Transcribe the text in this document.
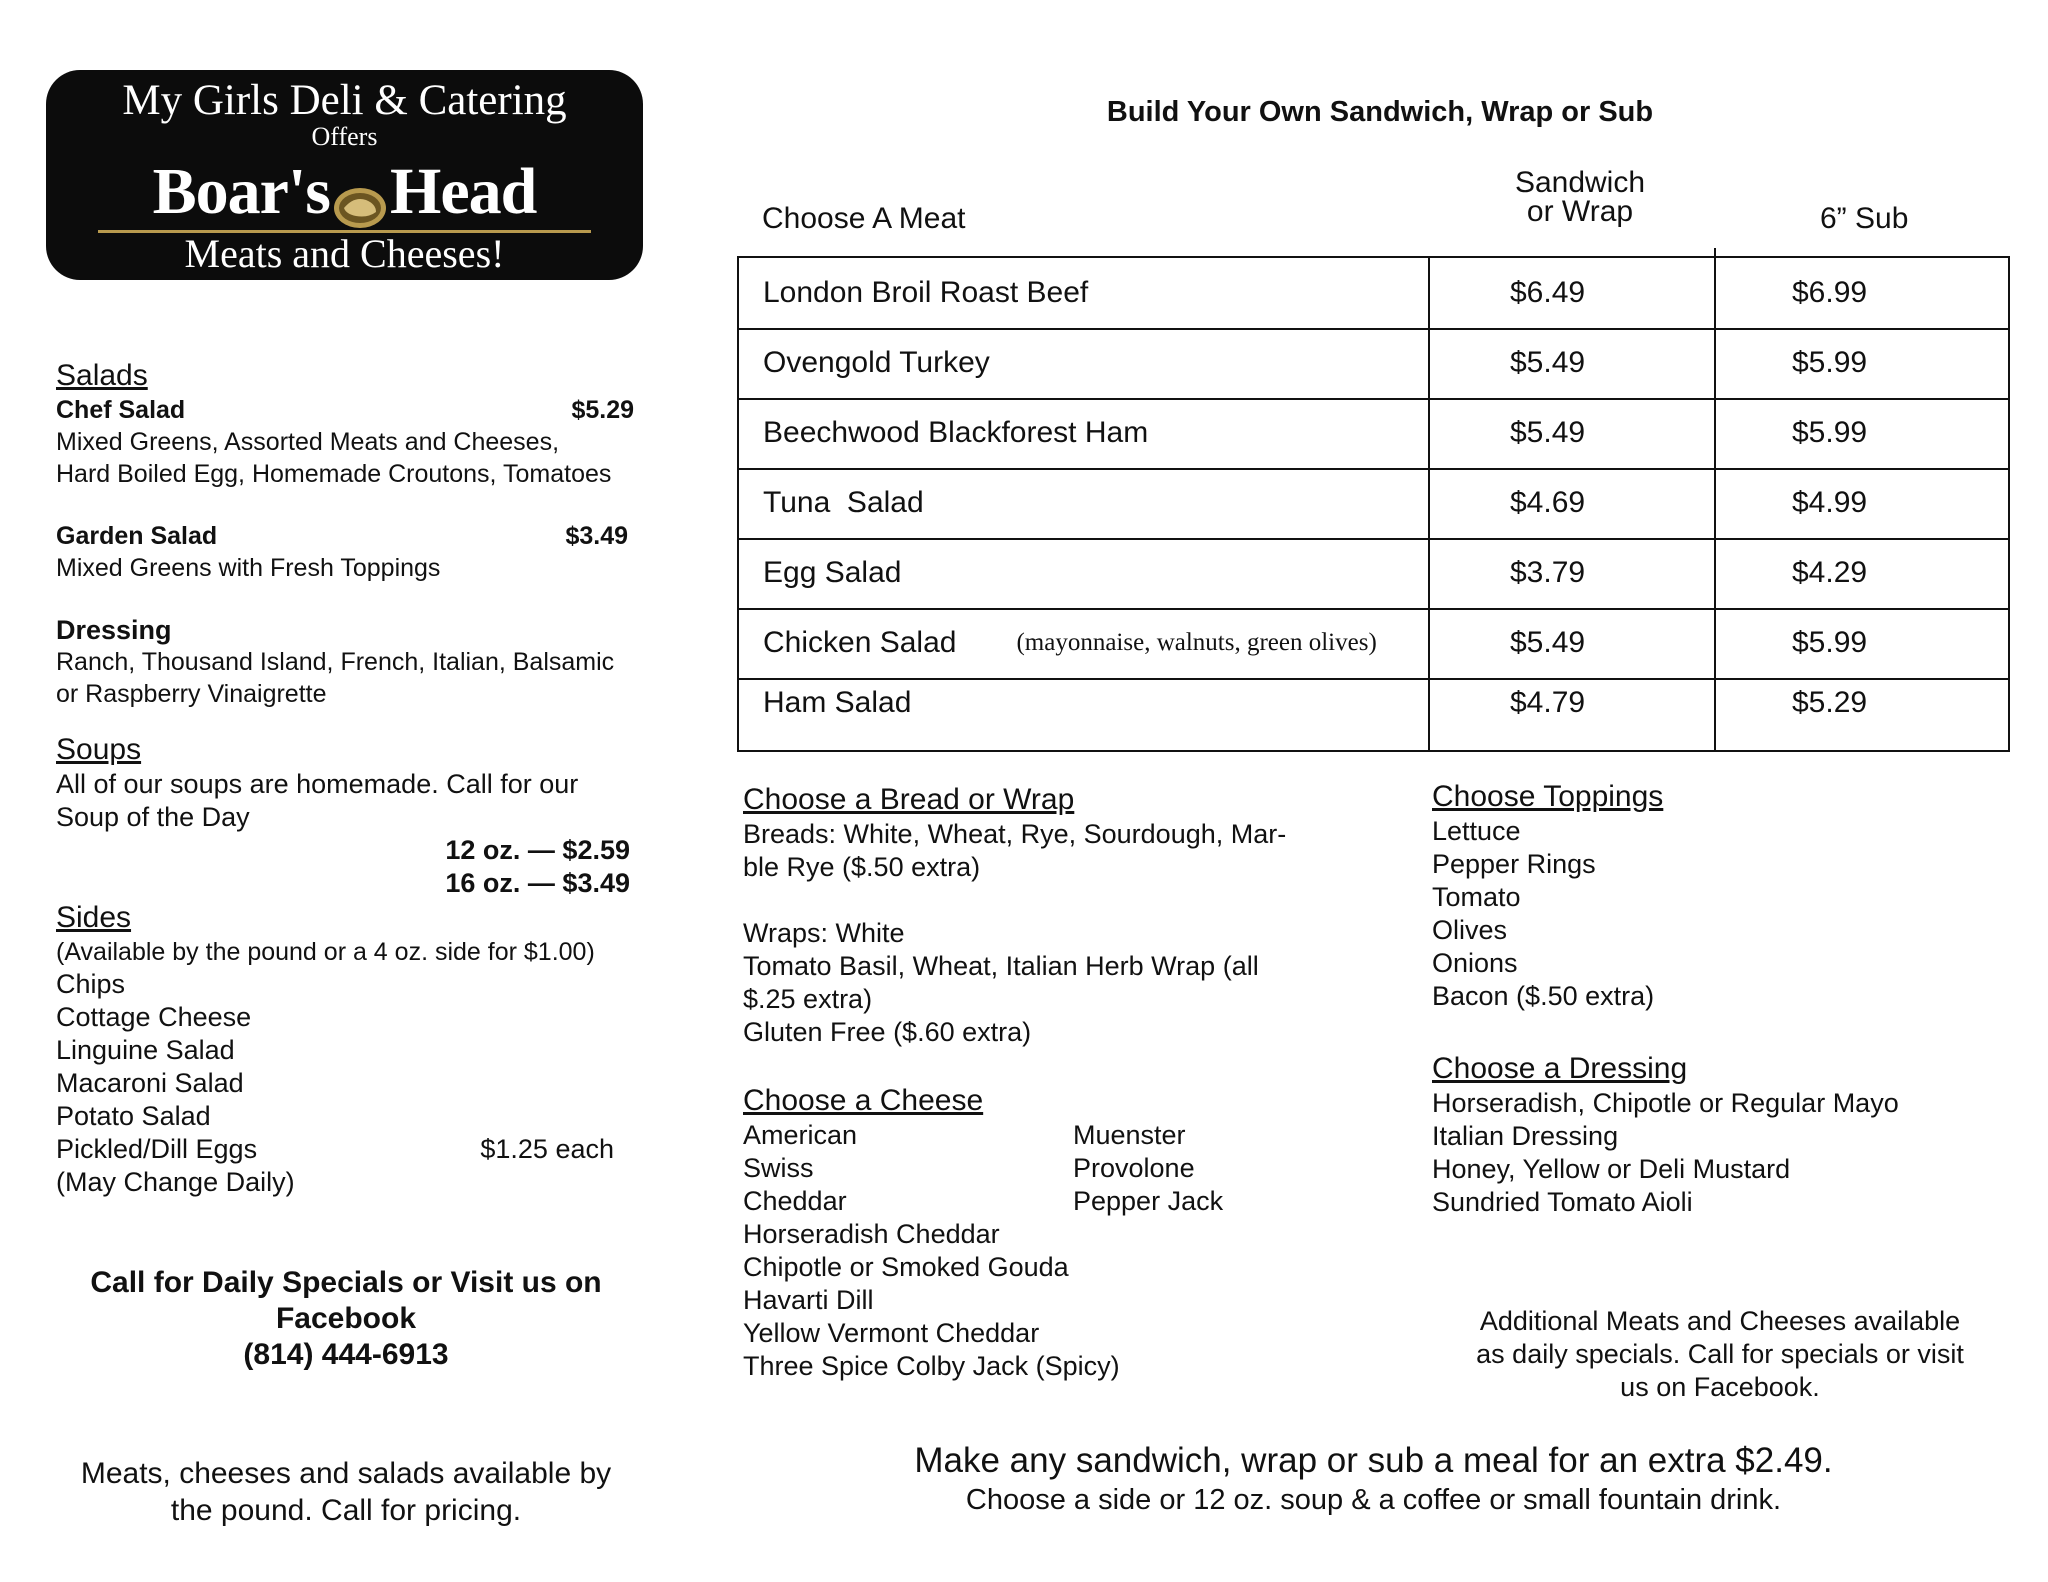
My Girls Deli & Catering
Offers
Boar's Head
Meats and Cheeses!
Salads
Chef Salad	$5.29
Mixed Greens, Assorted Meats and Cheeses,
Hard Boiled Egg, Homemade Croutons, Tomatoes
Garden Salad	$3.49
Mixed Greens with Fresh Toppings
Dressing
Ranch, Thousand Island, French, Italian, Balsamic
or Raspberry Vinaigrette
Soups
All of our soups are homemade. Call for our
Soup of the Day
12 oz. — $2.59
16 oz. — $3.49
Sides
(Available by the pound or a 4 oz. side for $1.00)
Chips
Cottage Cheese
Linguine Salad
Macaroni Salad
Potato Salad
Pickled/Dill Eggs	$1.25 each
(May Change Daily)
Call for Daily Specials or Visit us on
Facebook
(814) 444-6913
Meats, cheeses and salads available by
the pound. Call for pricing.
Build Your Own Sandwich, Wrap or Sub
Choose A Meat
Sandwich
or Wrap	6” Sub
London Broil Roast Beef	$6.49	$6.99
Ovengold Turkey	$5.49	$5.99
Beechwood Blackforest Ham	$5.49	$5.99
Tuna  Salad	$4.69	$4.99
Egg Salad	$3.79	$4.29
Chicken Salad (mayonnaise, walnuts, green olives)	$5.49	$5.99
Ham Salad	$4.79	$5.29
Choose a Bread or Wrap
Breads: White, Wheat, Rye, Sourdough, Mar-
ble Rye ($.50 extra)
Wraps: White
Tomato Basil, Wheat, Italian Herb Wrap (all
$.25 extra)
Gluten Free ($.60 extra)
Choose a Cheese
American	Muenster
Swiss	Provolone
Cheddar	Pepper Jack
Horseradish Cheddar
Chipotle or Smoked Gouda
Havarti Dill
Yellow Vermont Cheddar
Three Spice Colby Jack (Spicy)
Choose Toppings
Lettuce
Pepper Rings
Tomato
Olives
Onions
Bacon ($.50 extra)
Choose a Dressing
Horseradish, Chipotle or Regular Mayo
Italian Dressing
Honey, Yellow or Deli Mustard
Sundried Tomato Aioli
Additional Meats and Cheeses available
as daily specials. Call for specials or visit
us on Facebook.
Make any sandwich, wrap or sub a meal for an extra $2.49.
Choose a side or 12 oz. soup & a coffee or small fountain drink.
